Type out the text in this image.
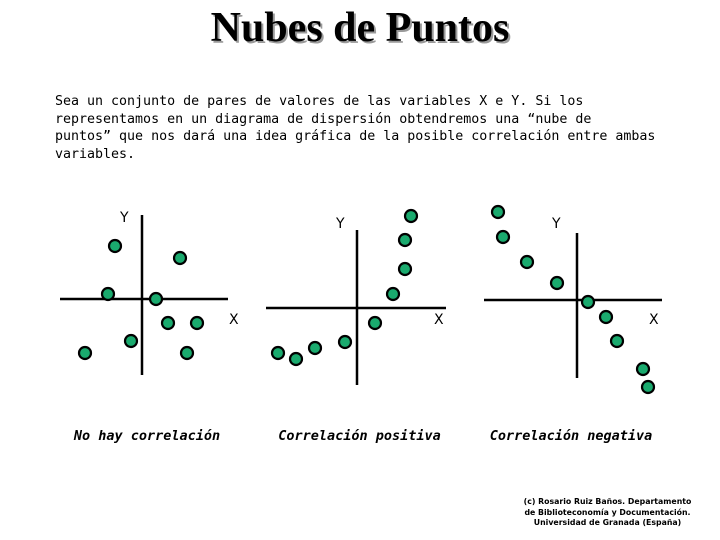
Nubes de Puntos
Sea un conjunto de pares de valores de las variables X e Y. Si los
representamos en un diagrama de dispersión obtendremos una “nube de
puntos” que nos dará una idea gráfica de la posible correlación entre ambas
variables.
Y
X
Y
X
Y
X
No hay correlación	Correlación positiva	Correlación negativa
(c) Rosario Ruiz Baños. Departamento
de Biblioteconomía y Documentación.
Universidad de Granada (España)
